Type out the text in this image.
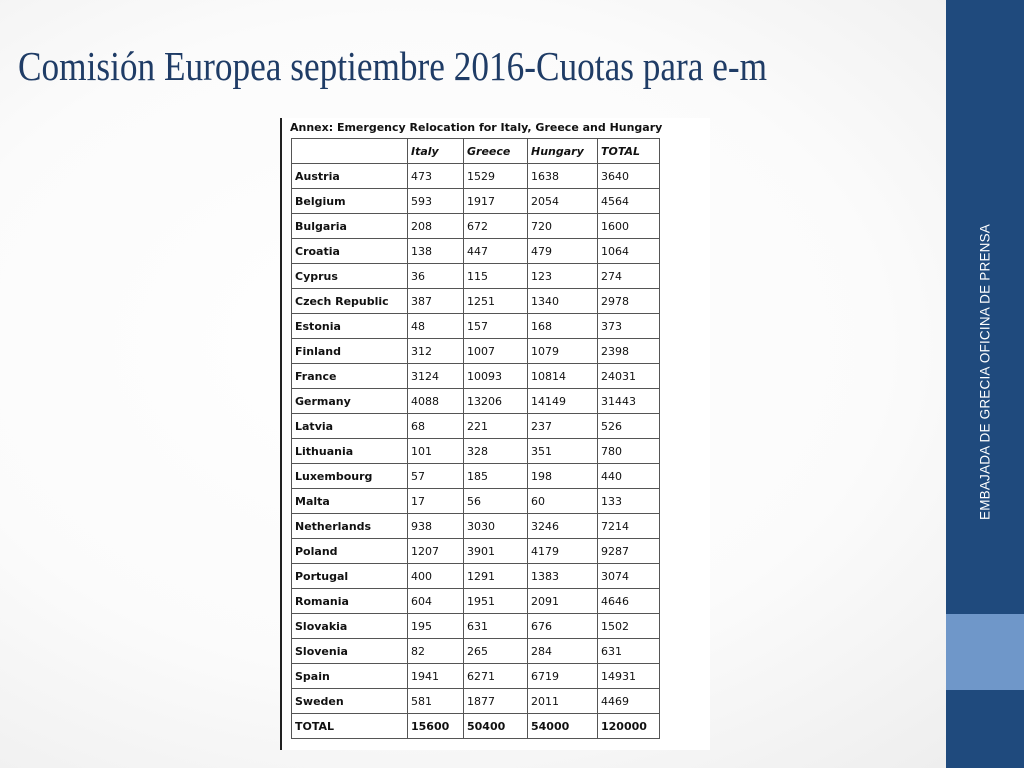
Comisión Europea septiembre 2016-Cuotas para e-m
EMBAJADA DE GRECIA OFICINA DE PRENSA
Annex: Emergency Relocation for Italy, Greece and Hungary
	Italy	Greece	Hungary	TOTAL
Austria	473	1529	1638	3640
Belgium	593	1917	2054	4564
Bulgaria	208	672	720	1600
Croatia	138	447	479	1064
Cyprus	36	115	123	274
Czech Republic	387	1251	1340	2978
Estonia	48	157	168	373
Finland	312	1007	1079	2398
France	3124	10093	10814	24031
Germany	4088	13206	14149	31443
Latvia	68	221	237	526
Lithuania	101	328	351	780
Luxembourg	57	185	198	440
Malta	17	56	60	133
Netherlands	938	3030	3246	7214
Poland	1207	3901	4179	9287
Portugal	400	1291	1383	3074
Romania	604	1951	2091	4646
Slovakia	195	631	676	1502
Slovenia	82	265	284	631
Spain	1941	6271	6719	14931
Sweden	581	1877	2011	4469
TOTAL	15600	50400	54000	120000
